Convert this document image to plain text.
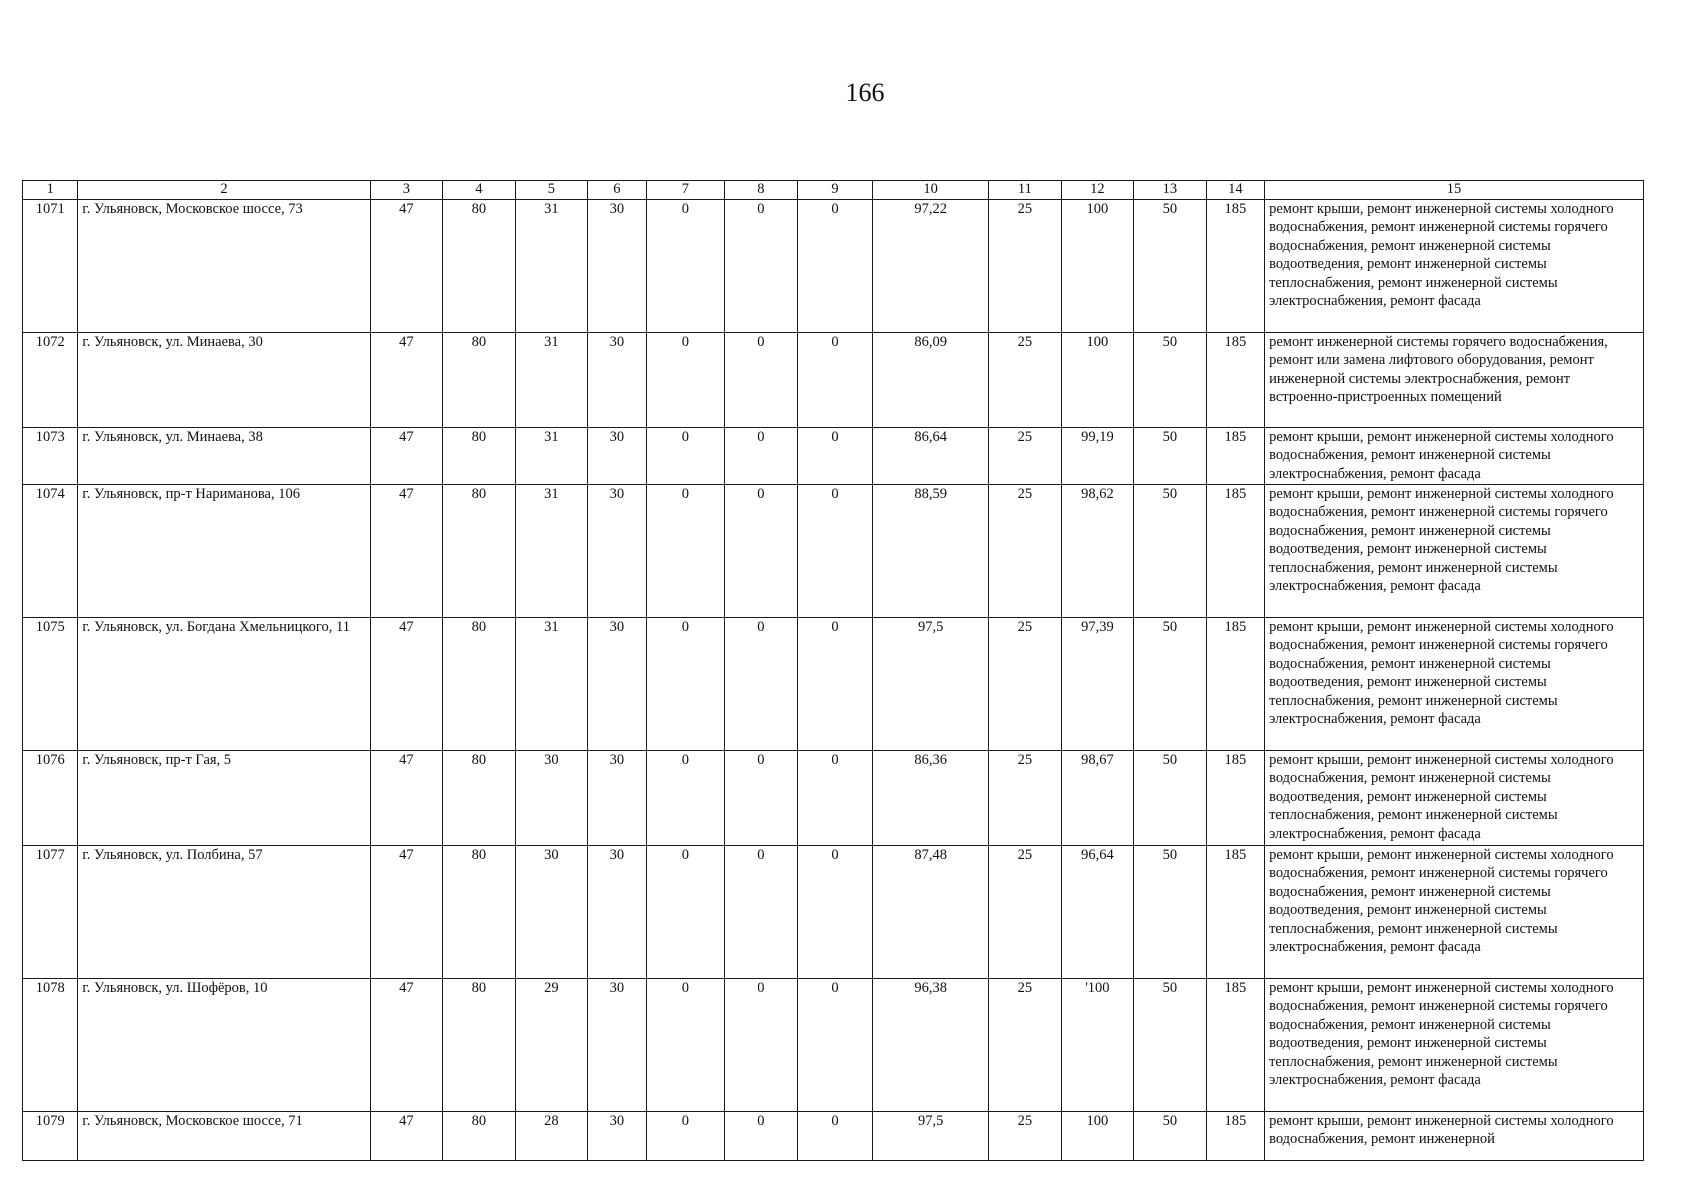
166
1	2	3	4	5	6	7	8	9	10	11	12	13	14	15
1071	г. Ульяновск, Московское шоссе, 73	47	80	31	30	0	0	0	97,22	25	100	50	185	ремонт крыши, ремонт инженерной системы холодного водоснабжения, ремонт инженерной системы горячего водоснабжения, ремонт инженерной системы водоотведения, ремонт инженерной системы теплоснабжения, ремонт инженерной системы электроснабжения, ремонт фасада
1072	г. Ульяновск, ул. Минаева, 30	47	80	31	30	0	0	0	86,09	25	100	50	185	ремонт инженерной системы горячего водоснабжения, ремонт или замена лифтового оборудования, ремонт инженерной системы электроснабжения, ремонт встроенно-пристроенных помещений
1073	г. Ульяновск, ул. Минаева, 38	47	80	31	30	0	0	0	86,64	25	99,19	50	185	ремонт крыши, ремонт инженерной системы холодного водоснабжения, ремонт инженерной системы электроснабжения, ремонт фасада
1074	г. Ульяновск, пр-т Нариманова, 106	47	80	31	30	0	0	0	88,59	25	98,62	50	185	ремонт крыши, ремонт инженерной системы холодного водоснабжения, ремонт инженерной системы горячего водоснабжения, ремонт инженерной системы водоотведения, ремонт инженерной системы теплоснабжения, ремонт инженерной системы электроснабжения, ремонт фасада
1075	г. Ульяновск, ул. Богдана Хмельницкого, 11	47	80	31	30	0	0	0	97,5	25	97,39	50	185	ремонт крыши, ремонт инженерной системы холодного водоснабжения, ремонт инженерной системы горячего водоснабжения, ремонт инженерной системы водоотведения, ремонт инженерной системы теплоснабжения, ремонт инженерной системы электроснабжения, ремонт фасада
1076	г. Ульяновск, пр-т Гая, 5	47	80	30	30	0	0	0	86,36	25	98,67	50	185	ремонт крыши, ремонт инженерной системы холодного водоснабжения, ремонт инженерной системы водоотведения, ремонт инженерной системы теплоснабжения, ремонт инженерной системы электроснабжения, ремонт фасада
1077	г. Ульяновск, ул. Полбина, 57	47	80	30	30	0	0	0	87,48	25	96,64	50	185	ремонт крыши, ремонт инженерной системы холодного водоснабжения, ремонт инженерной системы горячего водоснабжения, ремонт инженерной системы водоотведения, ремонт инженерной системы теплоснабжения, ремонт инженерной системы электроснабжения, ремонт фасада
1078	г. Ульяновск, ул. Шофёров, 10	47	80	29	30	0	0	0	96,38	25	'100	50	185	ремонт крыши, ремонт инженерной системы холодного водоснабжения, ремонт инженерной системы горячего водоснабжения, ремонт инженерной системы водоотведения, ремонт инженерной системы теплоснабжения, ремонт инженерной системы электроснабжения, ремонт фасада
1079	г. Ульяновск, Московское шоссе, 71	47	80	28	30	0	0	0	97,5	25	100	50	185	ремонт крыши, ремонт инженерной системы холодного водоснабжения, ремонт инженерной
